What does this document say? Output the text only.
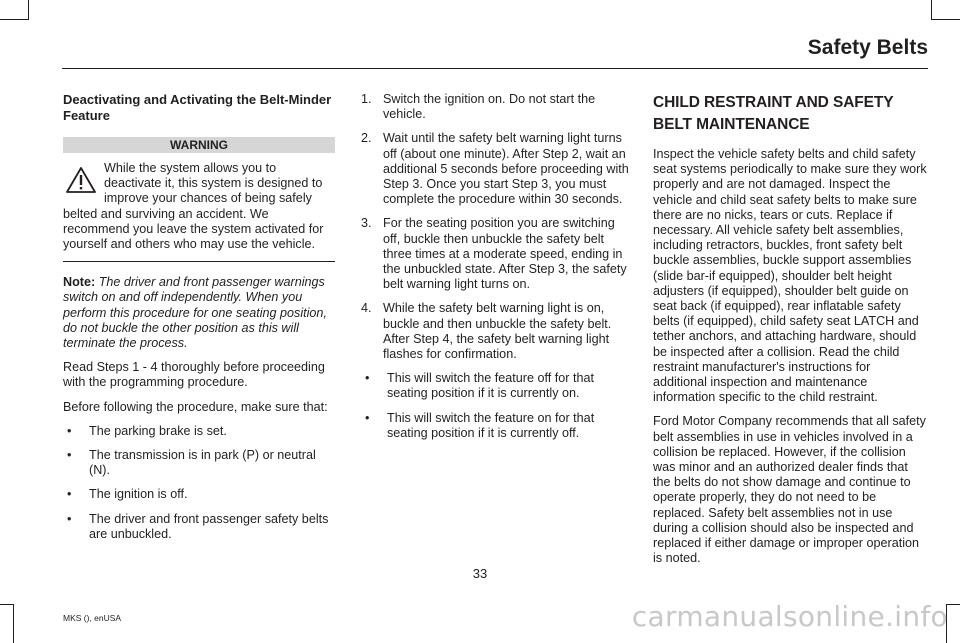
Safety Belts
Deactivating and Activating the Belt-Minder Feature
WARNING

While the system allows you to deactivate it, this system is designed to improve your chances of being safely belted and surviving an accident. We recommend you leave the system activated for yourself and others who may use the vehicle.

Note: The driver and front passenger warnings switch on and off independently. When you perform this procedure for one seating position, do not buckle the other position as this will terminate the process.

Read Steps 1 - 4 thoroughly before proceeding with the programming procedure.

Before following the procedure, make sure that:

• The parking brake is set.
• The transmission is in park (P) or neutral (N).
• The ignition is off.
• The driver and front passenger safety belts are unbuckled.
1. Switch the ignition on. Do not start the vehicle.
2. Wait until the safety belt warning light turns off (about one minute). After Step 2, wait an additional 5 seconds before proceeding with Step 3. Once you start Step 3, you must complete the procedure within 30 seconds.
3. For the seating position you are switching off, buckle then unbuckle the safety belt three times at a moderate speed, ending in the unbuckled state. After Step 3, the safety belt warning light turns on.
4. While the safety belt warning light is on, buckle and then unbuckle the safety belt. After Step 4, the safety belt warning light flashes for confirmation.
• This will switch the feature off for that seating position if it is currently on.
• This will switch the feature on for that seating position if it is currently off.
CHILD RESTRAINT AND SAFETY
BELT MAINTENANCE

Inspect the vehicle safety belts and child safety seat systems periodically to make sure they work properly and are not damaged. Inspect the vehicle and child seat safety belts to make sure there are no nicks, tears or cuts. Replace if necessary. All vehicle safety belt assemblies, including retractors, buckles, front safety belt buckle assemblies, buckle support assemblies (slide bar-if equipped), shoulder belt height adjusters (if equipped), shoulder belt guide on seat back (if equipped), rear inflatable safety belts (if equipped), child safety seat LATCH and tether anchors, and attaching hardware, should be inspected after a collision. Read the child restraint manufacturer's instructions for additional inspection and maintenance information specific to the child restraint.

Ford Motor Company recommends that all safety belt assemblies in use in vehicles involved in a collision be replaced. However, if the collision was minor and an authorized dealer finds that the belts do not show damage and continue to operate properly, they do not need to be replaced. Safety belt assemblies not in use during a collision should also be inspected and replaced if either damage or improper operation is noted.

33
MKS (), enUSA	carmanualsonline.info
